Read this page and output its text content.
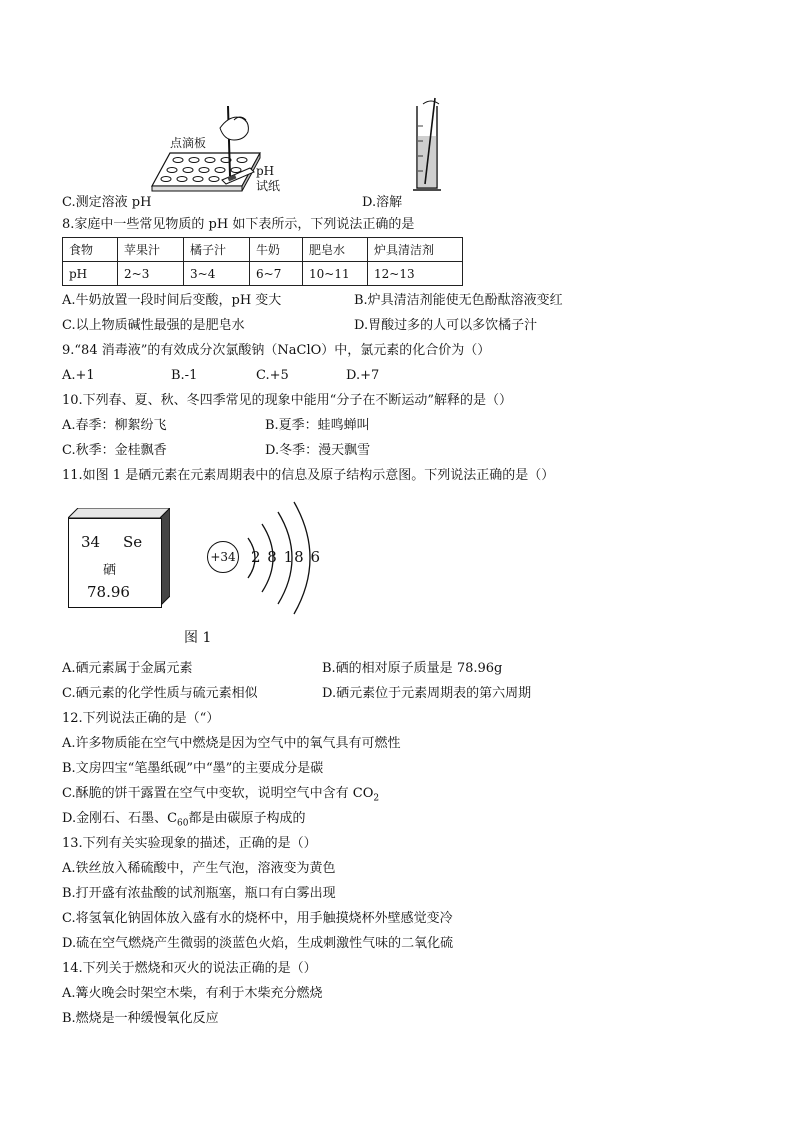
点滴板
pH
试纸
C.测定溶液 pH	D.溶解
8.家庭中一些常见物质的 pH 如下表所示，下列说法正确的是
食物	苹果汁	橘子汁	牛奶	肥皂水	炉具清洁剂
pH	2~3	3~4	6~7	10~11	12~13
A.牛奶放置一段时间后变酸，pH 变大	B.炉具清洁剂能使无色酚酞溶液变红
C.以上物质碱性最强的是肥皂水	D.胃酸过多的人可以多饮橘子汁
9.“84 消毒液”的有效成分次氯酸钠（NaClO）中，氯元素的化合价为（）
A.+1	B.-1	C.+5	D.+7
10.下列春、夏、秋、冬四季常见的现象中能用“分子在不断运动”解释的是（）
A.春季：柳絮纷飞	B.夏季：蛙鸣蝉叫
C.秋季：金桂飘香	D.冬季：漫天飘雪
11.如图 1 是硒元素在元素周期表中的信息及原子结构示意图。下列说法正确的是（）
34 Se
硒
78.96
+34 2 8 18 6
图 1
A.硒元素属于金属元素	B.硒的相对原子质量是 78.96g
C.硒元素的化学性质与硫元素相似	D.硒元素位于元素周期表的第六周期
12.下列说法正确的是（“）
A.许多物质能在空气中燃烧是因为空气中的氧气具有可燃性
B.文房四宝“笔墨纸砚”中“墨”的主要成分是碳
C.酥脆的饼干露置在空气中变软，说明空气中含有 $CO_2$
D.金刚石、石墨、$C_{60}$都是由碳原子构成的
13.下列有关实验现象的描述，正确的是（）
A.铁丝放入稀硫酸中，产生气泡，溶液变为黄色
B.打开盛有浓盐酸的试剂瓶塞，瓶口有白雾出现
C.将氢氧化钠固体放入盛有水的烧杯中，用手触摸烧杯外壁感觉变冷
D.硫在空气燃烧产生微弱的淡蓝色火焰，生成刺激性气味的二氧化硫
14.下列关于燃烧和灭火的说法正确的是（）
A.篝火晚会时架空木柴，有利于木柴充分燃烧
B.燃烧是一种缓慢氧化反应
